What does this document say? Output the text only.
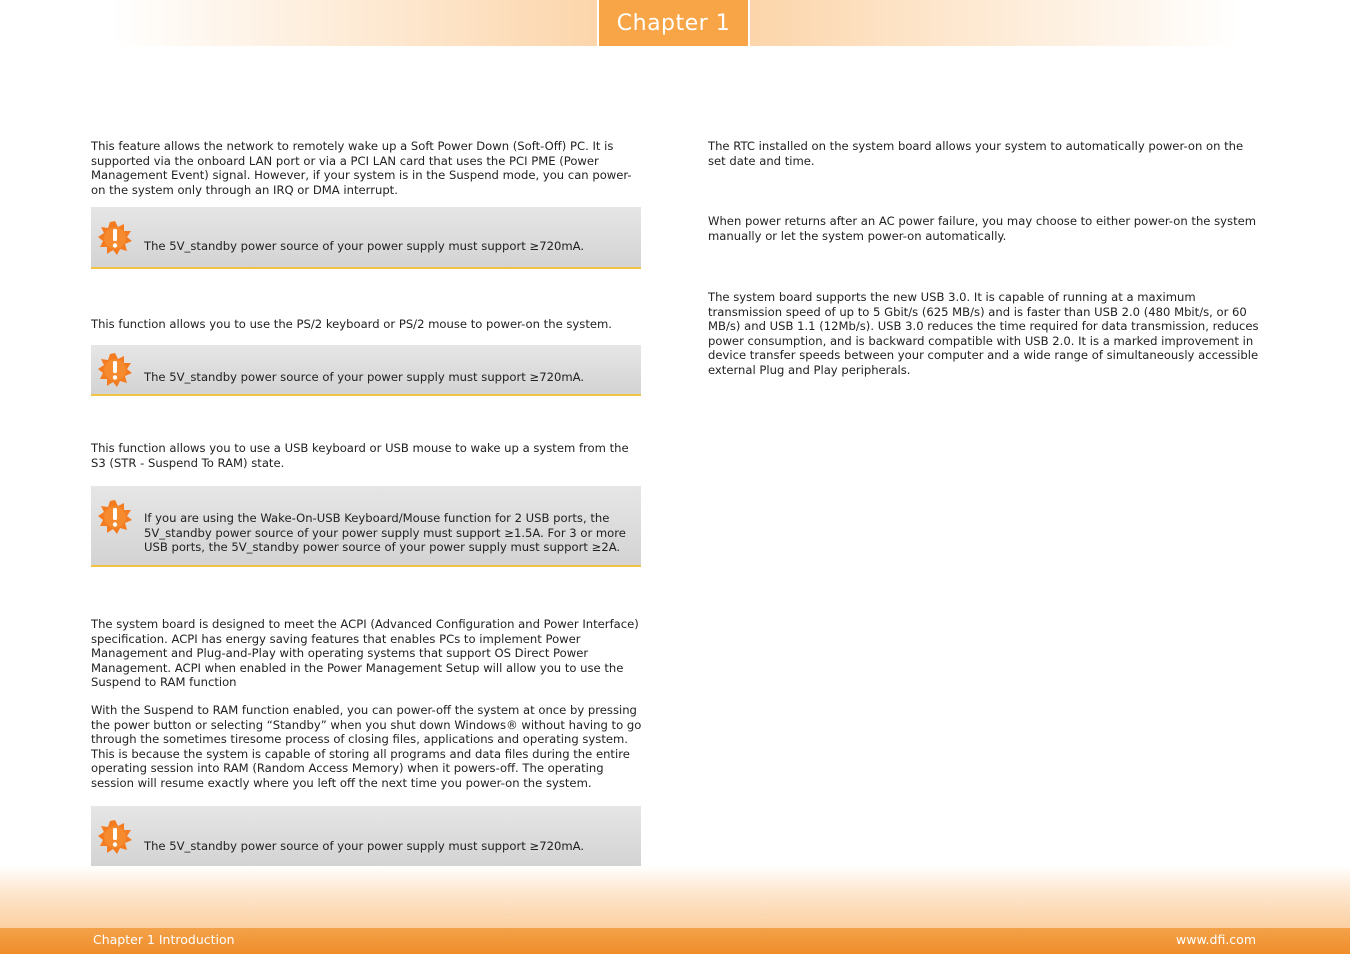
Chapter 1

This feature allows the network to remotely wake up a Soft Power Down (Soft-Off) PC. It is supported via the onboard LAN port or via a PCI LAN card that uses the PCI PME (Power Management Event) signal. However, if your system is in the Suspend mode, you can power-on the system only through an IRQ or DMA interrupt.

The 5V_standby power source of your power supply must support ≥720mA.

This function allows you to use the PS/2 keyboard or PS/2 mouse to power-on the system.

The 5V_standby power source of your power supply must support ≥720mA.

This function allows you to use a USB keyboard or USB mouse to wake up a system from the S3 (STR - Suspend To RAM) state.

If you are using the Wake-On-USB Keyboard/Mouse function for 2 USB ports, the 5V_standby power source of your power supply must support ≥1.5A. For 3 or more USB ports, the 5V_standby power source of your power supply must support ≥2A.

The system board is designed to meet the ACPI (Advanced Configuration and Power Interface) specification. ACPI has energy saving features that enables PCs to implement Power Management and Plug-and-Play with operating systems that support OS Direct Power Management. ACPI when enabled in the Power Management Setup will allow you to use the Suspend to RAM function

With the Suspend to RAM function enabled, you can power-off the system at once by pressing the power button or selecting “Standby” when you shut down Windows® without having to go through the sometimes tiresome process of closing files, applications and operating system. This is because the system is capable of storing all programs and data files during the entire operating session into RAM (Random Access Memory) when it powers-off. The operating session will resume exactly where you left off the next time you power-on the system.

The 5V_standby power source of your power supply must support ≥720mA.

The RTC installed on the system board allows your system to automatically power-on on the set date and time.

When power returns after an AC power failure, you may choose to either power-on the system manually or let the system power-on automatically.

The system board supports the new USB 3.0. It is capable of running at a maximum transmission speed of up to 5 Gbit/s (625 MB/s) and is faster than USB 2.0 (480 Mbit/s, or 60 MB/s) and USB 1.1 (12Mb/s). USB 3.0 reduces the time required for data transmission, reduces power consumption, and is backward compatible with USB 2.0. It is a marked improvement in device transfer speeds between your computer and a wide range of simultaneously accessible external Plug and Play peripherals.

Chapter 1 Introduction	www.dfi.com
